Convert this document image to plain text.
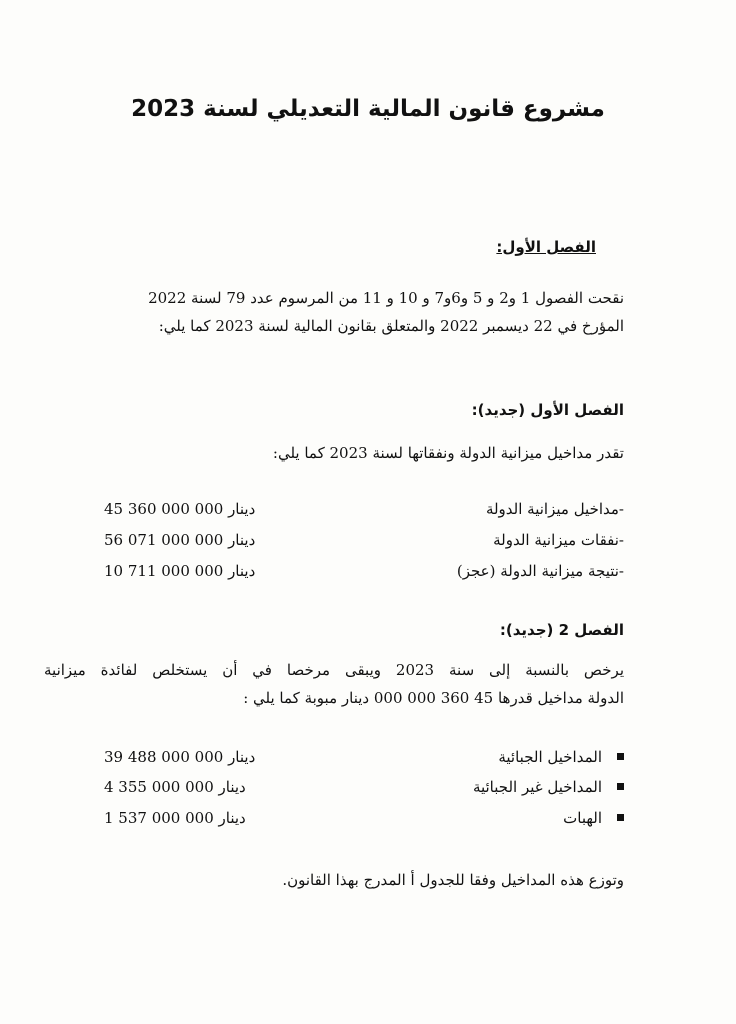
مشروع قانون المالية التعديلي لسنة 2023
الفصل الأول:
نقحت الفصول 1 و2 و 5 و6و7 و 10 و 11 من المرسوم عدد 79 لسنة 2022
المؤرخ في 22 ديسمبر 2022 والمتعلق بقانون المالية لسنة 2023 كما يلي:
الفصل الأول (جديد):
تقدر مداخيل ميزانية الدولة ونفقاتها لسنة 2023 كما يلي:
-مداخيل ميزانية الدولة
45 360 000 000 دينار
-نفقات ميزانية الدولة
56 071 000 000 دينار
-نتيجة ميزانية الدولة (عجز)
10 711 000 000 دينار
الفصل 2 (جديد):
يرخص بالنسبة إلى سنة 2023 ويبقى مرخصا في أن يستخلص لفائدة ميزانية
الدولة مداخيل قدرها 45 360 000 000 دينار مبوبة كما يلي :
المداخيل الجبائية
39 488 000 000 دينار
المداخيل غير الجبائية
4 355 000 000 دينار
الهبات
1 537 000 000 دينار
وتوزع هذه المداخيل وفقا للجدول أ المدرج بهذا القانون.
